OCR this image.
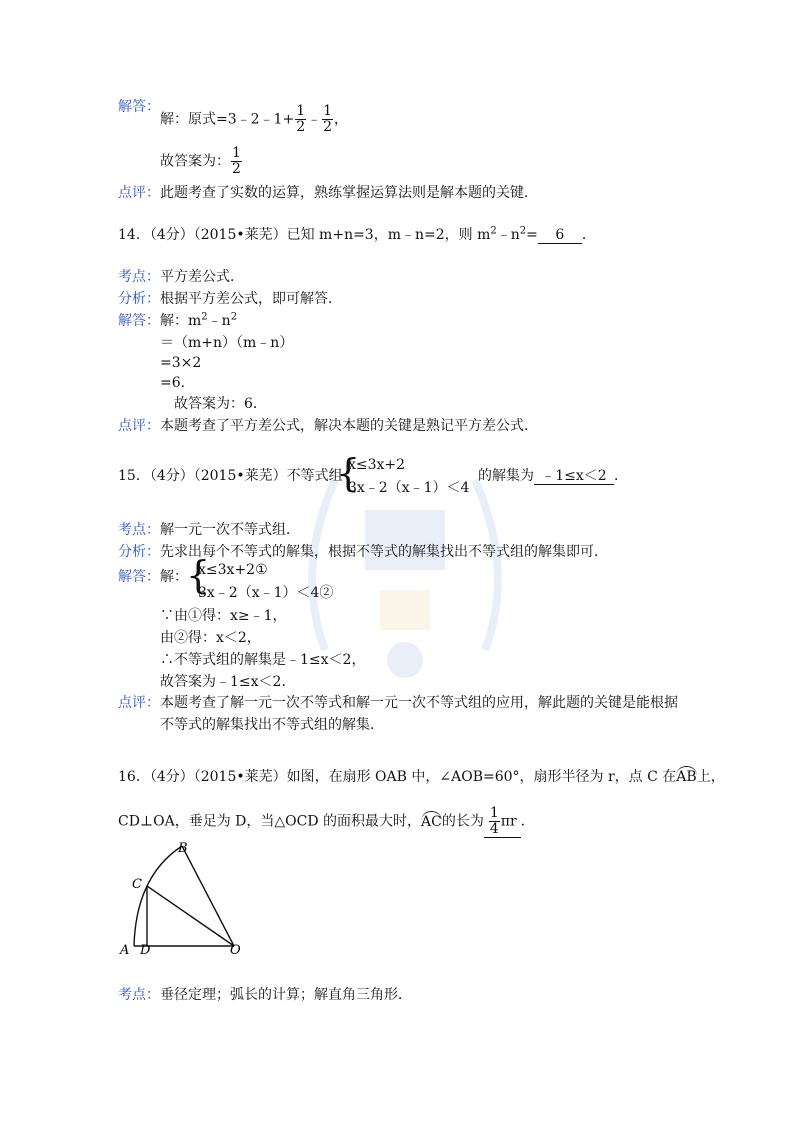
解答：
解：原式=3﹣2﹣1+ $\frac{1}{2}$ ﹣ $\frac{1}{2}$ ，
故答案为： $\frac{1}{2}$
点评：此题考查了实数的运算，熟练掌握运算法则是解本题的关键．
14．（4分）（2015•莱芜）已知 m+n=3，m﹣n=2，则 $m^2﹣n^2= 6$ ．
考点：平方差公式．
分析：根据平方差公式，即可解答．
解答：解：$m^2﹣n^2$
＝（m+n）（m﹣n）
=3×2
=6．
故答案为：6．
点评：本题考查了平方差公式，解决本题的关键是熟记平方差公式．
15．（4分）（2015•莱芜）不等式组
{
x≤3x+2
3x﹣2（x﹣1）＜4
的解集为 ﹣1≤x＜2 ．
考点：解一元一次不等式组．
分析：先求出每个不等式的解集，根据不等式的解集找出不等式组的解集即可．
解答：解：
{
x≤3x+2①
3x﹣2（x﹣1）＜4②
∵由①得：x≥﹣1，
由②得：x＜2，
∴不等式组的解集是﹣1≤x＜2，
故答案为﹣1≤x＜2．
点评：本题考查了解一元一次不等式和解一元一次不等式组的应用，解此题的关键是能根据
不等式的解集找出不等式组的解集．
16．（4分）（2015•莱芜）如图，在扇形 OAB 中，∠AOB=60°，扇形半径为 r，点 C 在AB上，
CD⊥OA，垂足为 D，当△OCD 的面积最大时，AC的长为 $\frac{1}{4}$ πr ．
B
C
A D	O
考点：垂径定理；弧长的计算；解直角三角形．
